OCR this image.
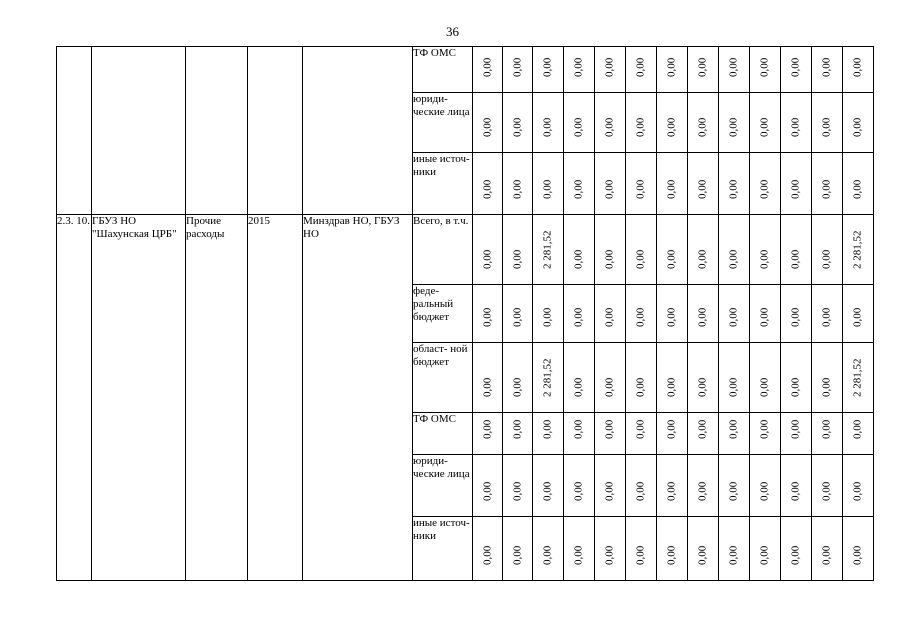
36
					ТФ ОМС	0,00	0,00	0,00	0,00	0,00	0,00	0,00	0,00	0,00	0,00	0,00	0,00	0,00

					юриди- ческие лица	0,00	0,00	0,00	0,00	0,00	0,00	0,00	0,00	0,00	0,00	0,00	0,00	0,00

					иные источ- ники	0,00	0,00	0,00	0,00	0,00	0,00	0,00	0,00	0,00	0,00	0,00	0,00	0,00

2.3. 10.	ГБУЗ НО "Шахунская ЦРБ"	Прочие расходы	2015	Минздрав НО, ГБУЗ НО	Всего, в т.ч.	0,00	0,00	2 281,52	0,00	0,00	0,00	0,00	0,00	0,00	0,00	0,00	0,00	2 281,52

					феде- ральный бюджет	0,00	0,00	0,00	0,00	0,00	0,00	0,00	0,00	0,00	0,00	0,00	0,00	0,00

					област- ной бюджет	0,00	0,00	2 281,52	0,00	0,00	0,00	0,00	0,00	0,00	0,00	0,00	0,00	2 281,52

					ТФ ОМС	0,00	0,00	0,00	0,00	0,00	0,00	0,00	0,00	0,00	0,00	0,00	0,00	0,00

					юриди- ческие лица	0,00	0,00	0,00	0,00	0,00	0,00	0,00	0,00	0,00	0,00	0,00	0,00	0,00

					иные источ- ники	0,00	0,00	0,00	0,00	0,00	0,00	0,00	0,00	0,00	0,00	0,00	0,00	0,00
